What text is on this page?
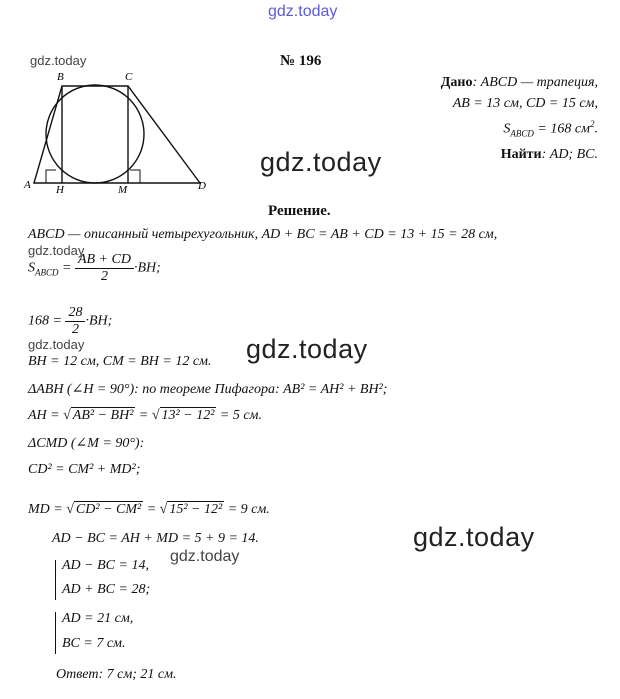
gdz.today
gdz.today
gdz.today
gdz.today
gdz.today	gdz.today
gdz.today
gdz.today
№ 196
Дано: ABCD — трапеция,
AB = 13 см, CD = 15 см,
$S_{ABCD} = 168$ $см^2$.
Найти: AD; BC.
A
B	C
D
H	M
Решение.
ABCD — описанный четырехугольник, AD + BC = AB + CD = 13 + 15 = 28 см,
$S_{ABCD} = \frac{AB + CD}{2} \cdot BH$;
$168 = \frac{28}{2} \cdot BH$;
BH = 12 см, CM = BH = 12 см.
ΔABH (∠H = 90°): по теореме Пифагора: AB² = AH² + BH²;
AH = √ AB² − BH² = √ 13² − 12² = 5 см.
ΔCMD (∠M = 90°):
CD² = CM² + MD²;
MD = √ CD² − CM² = √ 15² − 12² = 9 см.
AD − BC = AH + MD = 5 + 9 = 14.
AD − BC = 14,
AD + BC = 28;
AD = 21 см,
BC = 7 см.
Ответ: 7 см; 21 см.
